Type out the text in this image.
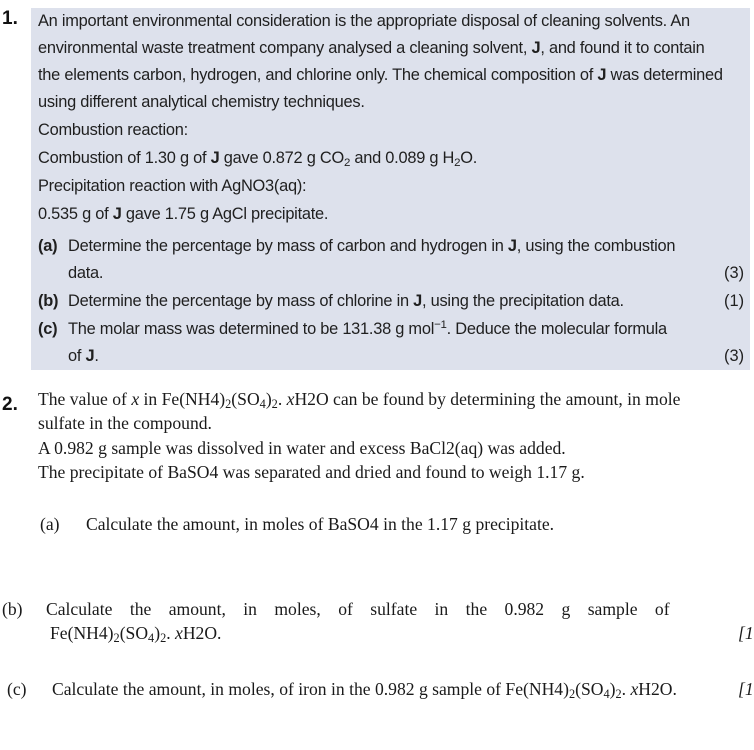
1. An important environmental consideration is the appropriate disposal of cleaning solvents. An
environmental waste treatment company analysed a cleaning solvent, J, and found it to contain
the elements carbon, hydrogen, and chlorine only. The chemical composition of J was determined
using different analytical chemistry techniques.
Combustion reaction:
Combustion of 1.30 g of J gave 0.872 g $CO_2$ and 0.089 g $H_2O$.
Precipitation reaction with AgNO3(aq):
0.535 g of J gave 1.75 g AgCl precipitate.
(a) Determine the percentage by mass of carbon and hydrogen in J, using the combustion
data.	(3)
(b) Determine the percentage by mass of chlorine in J, using the precipitation data.	(1)
(c) The molar mass was determined to be 131.38 g mol$^{-1}$. Deduce the molecular formula
of J.	(3)
2. The value of x in $Fe(NH4)_2(SO_4)_2$. xH2O can be found by determining the amount, in mole
sulfate in the compound.
A 0.982 g sample was dissolved in water and excess BaCl2(aq) was added.
The precipitate of BaSO4 was separated and dried and found to weigh 1.17 g.
(a) Calculate the amount, in moles of BaSO4 in the 1.17 g precipitate.
(b) Calculate the amount, in moles, of sulfate in the 0.982 g sample of
$Fe(NH4)_2(SO_4)_2$. xH2O.	[1
(c) Calculate the amount, in moles, of iron in the 0.982 g sample of $Fe(NH4)_2(SO_4)_2$. xH2O.	[1
